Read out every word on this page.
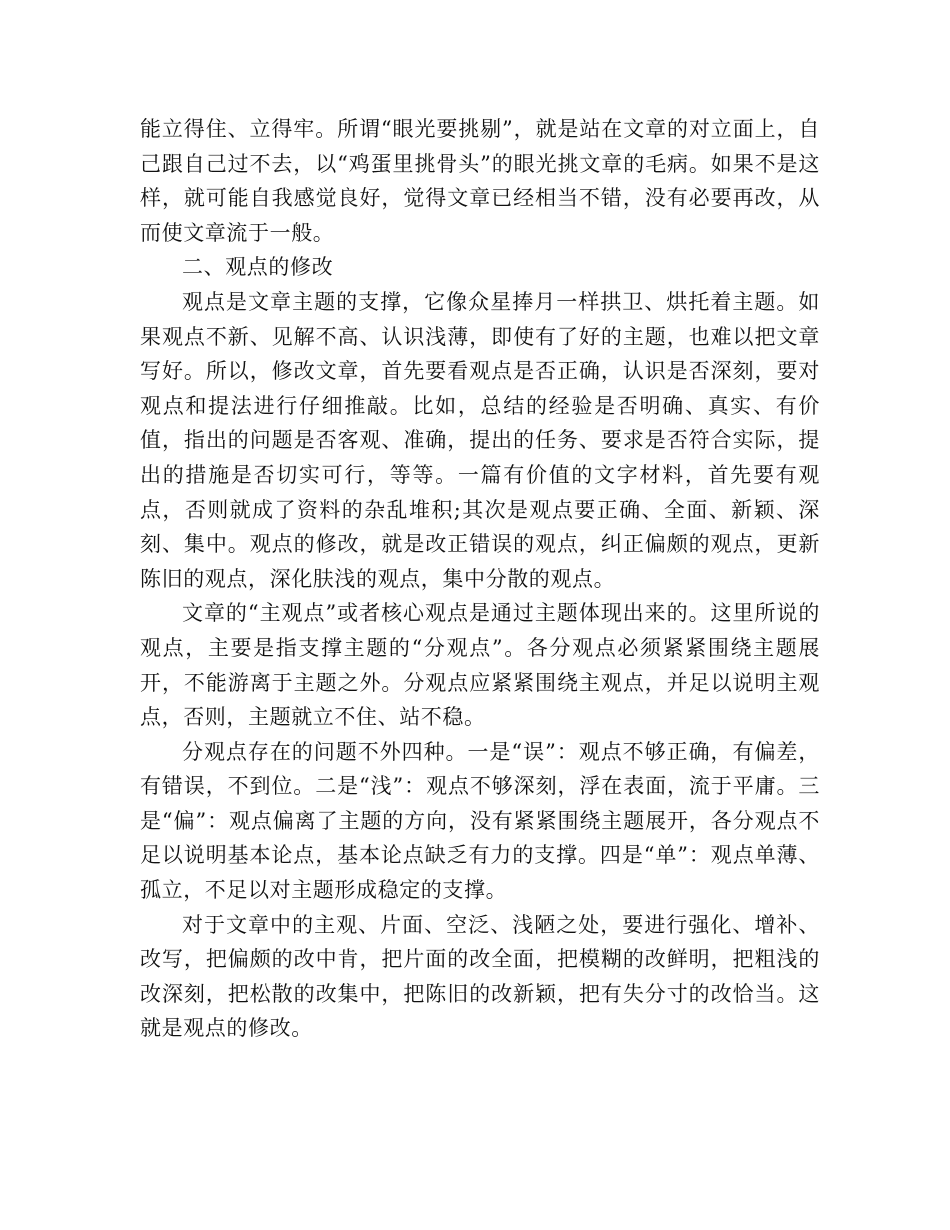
能立得住、立得牢。所谓“眼光要挑剔”，就是站在文章的对立面上，自己跟自己过不去，以“鸡蛋里挑骨头”的眼光挑文章的毛病。如果不是这样，就可能自我感觉良好，觉得文章已经相当不错，没有必要再改，从而使文章流于一般。

二、观点的修改

观点是文章主题的支撑，它像众星捧月一样拱卫、烘托着主题。如果观点不新、见解不高、认识浅薄，即使有了好的主题，也难以把文章写好。所以，修改文章，首先要看观点是否正确，认识是否深刻，要对观点和提法进行仔细推敲。比如，总结的经验是否明确、真实、有价值，指出的问题是否客观、准确，提出的任务、要求是否符合实际，提出的措施是否切实可行，等等。一篇有价值的文字材料，首先要有观点，否则就成了资料的杂乱堆积;其次是观点要正确、全面、新颖、深刻、集中。观点的修改，就是改正错误的观点，纠正偏颇的观点，更新陈旧的观点，深化肤浅的观点，集中分散的观点。

文章的“主观点”或者核心观点是通过主题体现出来的。这里所说的观点，主要是指支撑主题的“分观点”。各分观点必须紧紧围绕主题展开，不能游离于主题之外。分观点应紧紧围绕主观点，并足以说明主观点，否则，主题就立不住、站不稳。

分观点存在的问题不外四种。一是“误”：观点不够正确，有偏差，有错误，不到位。二是“浅”：观点不够深刻，浮在表面，流于平庸。三是“偏”：观点偏离了主题的方向，没有紧紧围绕主题展开，各分观点不足以说明基本论点，基本论点缺乏有力的支撑。四是“单”：观点单薄、孤立，不足以对主题形成稳定的支撑。

对于文章中的主观、片面、空泛、浅陋之处，要进行强化、增补、改写，把偏颇的改中肯，把片面的改全面，把模糊的改鲜明，把粗浅的改深刻，把松散的改集中，把陈旧的改新颖，把有失分寸的改恰当。这就是观点的修改。
